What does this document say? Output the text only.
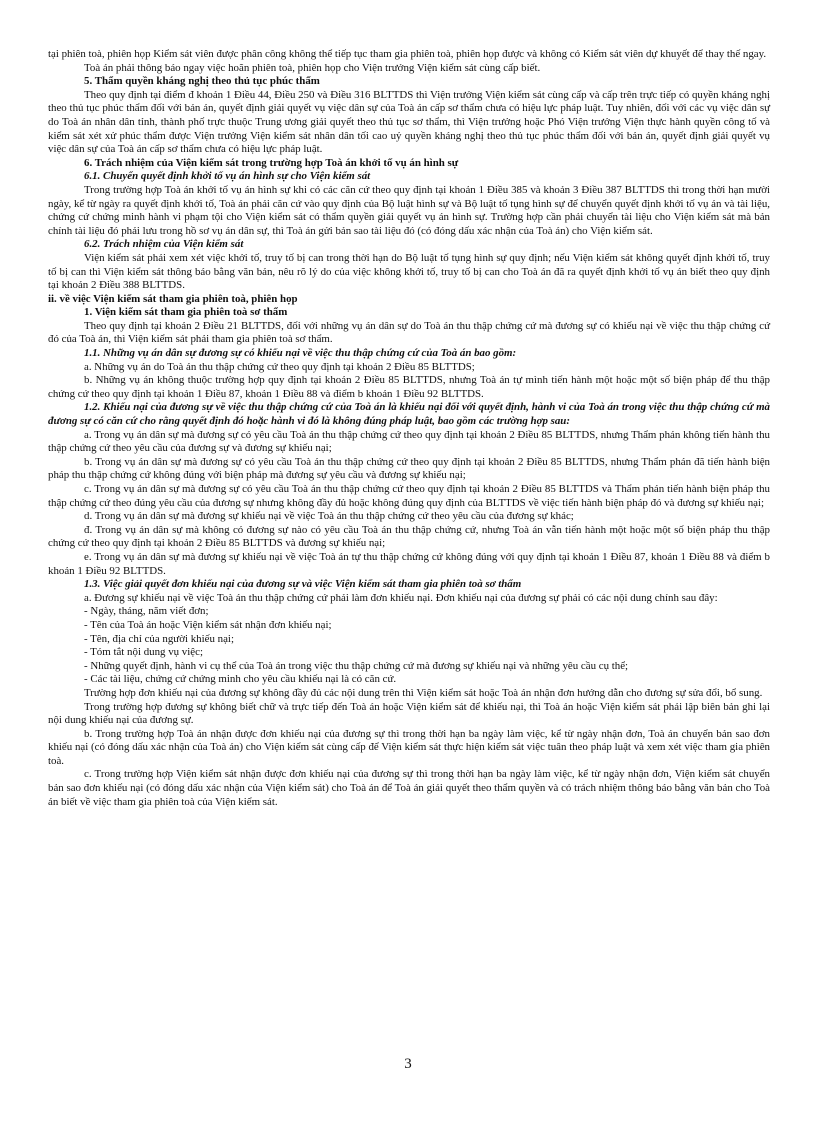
tại phiên toà, phiên họp Kiểm sát viên được phân công không thể tiếp tục tham gia phiên toà, phiên họp được và không có Kiểm sát viên dự khuyết để thay thế ngay.

Toà án phải thông báo ngay việc hoãn phiên toà, phiên họp cho Viện trưởng Viện kiểm sát cùng cấp biết.

5. Thẩm quyền kháng nghị theo thủ tục phúc thẩm

Theo quy định tại điểm đ khoản 1 Điều 44, Điều 250 và Điều 316 BLTTDS thì Viện trưởng Viện kiểm sát cùng cấp và cấp trên trực tiếp có quyền kháng nghị theo thủ tục phúc thẩm đối với bản án, quyết định giải quyết vụ việc dân sự của Toà án cấp sơ thẩm chưa có hiệu lực pháp luật. Tuy nhiên, đối với các vụ việc dân sự do Toà án nhân dân tỉnh, thành phố trực thuộc Trung ương giải quyết theo thủ tục sơ thẩm, thì Viện trưởng hoặc Phó Viện trưởng Viện thực hành quyền công tố và kiểm sát xét xử phúc thẩm được Viện trưởng Viện kiểm sát nhân dân tối cao uỷ quyền kháng nghị theo thủ tục phúc thẩm đối với bản án, quyết định giải quyết vụ việc dân sự của Toà án cấp sơ thẩm chưa có hiệu lực pháp luật.

6. Trách nhiệm của Viện kiểm sát trong trường hợp Toà án khởi tố vụ án hình sự

6.1. Chuyển quyết định khởi tố vụ án hình sự cho Viện kiểm sát

Trong trường hợp Toà án khởi tố vụ án hình sự khi có các căn cứ theo quy định tại khoản 1 Điều 385 và khoản 3 Điều 387 BLTTDS thì trong thời hạn mười ngày, kể từ ngày ra quyết định khởi tố, Toà án phải căn cứ vào quy định của Bộ luật hình sự và Bộ luật tố tụng hình sự để chuyển quyết định khởi tố vụ án và tài liệu, chứng cứ chứng minh hành vi phạm tội cho Viện kiểm sát có thẩm quyền giải quyết vụ án hình sự. Trường hợp cần phải chuyển tài liệu cho Viện kiểm sát mà bản chính tài liệu đó phải lưu trong hồ sơ vụ án dân sự, thì Toà án gửi bản sao tài liệu đó (có đóng dấu xác nhận của Toà án) cho Viện kiểm sát.

6.2. Trách nhiệm của Viện kiểm sát

Viện kiểm sát phải xem xét việc khởi tố, truy tố bị can trong thời hạn do Bộ luật tố tụng hình sự quy định; nếu Viện kiểm sát không quyết định khởi tố, truy tố bị can thì Viện kiểm sát thông báo bằng văn bản, nêu rõ lý do của việc không khởi tố, truy tố bị can cho Toà án đã ra quyết định khởi tố vụ án biết theo quy định tại khoản 2 Điều 388 BLTTDS.

ii. về việc Viện kiểm sát tham gia phiên toà, phiên họp

1. Viện kiểm sát tham gia phiên toà sơ thẩm

Theo quy định tại khoản 2 Điều 21 BLTTDS, đối với những vụ án dân sự do Toà án thu thập chứng cứ mà đương sự có khiếu nại về việc thu thập chứng cứ đó của Toà án, thì Viện kiểm sát phải tham gia phiên toà sơ thẩm.

1.1. Những vụ án dân sự đương sự có khiếu nại về việc thu thập chứng cứ của Toà án bao gồm:

a. Những vụ án do Toà án thu thập chứng cứ theo quy định tại khoản 2 Điều 85 BLTTDS;

b. Những vụ án không thuộc trường hợp quy định tại khoản 2 Điều 85 BLTTDS, nhưng Toà án tự mình tiến hành một hoặc một số biện pháp để thu thập chứng cứ theo quy định tại khoản 1 Điều 87, khoản 1 Điều 88 và điểm b khoản 1 Điều 92 BLTTDS.

1.2. Khiếu nại của đương sự về việc thu thập chứng cứ của Toà án là khiếu nại đối với quyết định, hành vi của Toà án trong việc thu thập chứng cứ mà đương sự có căn cứ cho rằng quyết định đó hoặc hành vi đó là không đúng pháp luật, bao gồm các trường hợp sau:

a. Trong vụ án dân sự mà đương sự có yêu cầu Toà án thu thập chứng cứ theo quy định tại khoản 2 Điều 85 BLTTDS, nhưng Thẩm phán không tiến hành thu thập chứng cứ theo yêu cầu của đương sự và đương sự khiếu nại;

b. Trong vụ án dân sự mà đương sự có yêu cầu Toà án thu thập chứng cứ theo quy định tại khoản 2 Điều 85 BLTTDS, nhưng Thẩm phán đã tiến hành biện pháp thu thập chứng cứ không đúng với biện pháp mà đương sự yêu cầu và đương sự khiếu nại;

c. Trong vụ án dân sự mà đương sự có yêu cầu Toà án thu thập chứng cứ theo quy định tại khoản 2 Điều 85 BLTTDS và Thẩm phán tiến hành biện pháp thu thập chứng cứ theo đúng yêu cầu của đương sự nhưng không đầy đủ hoặc không đúng quy định của BLTTDS về việc tiến hành biện pháp đó và đương sự khiếu nại;

d. Trong vụ án dân sự mà đương sự khiếu nại về việc Toà án thu thập chứng cứ theo yêu cầu của đương sự khác;

đ. Trong vụ án dân sự mà không có đương sự nào có yêu cầu Toà án thu thập chứng cứ, nhưng Toà án vẫn tiến hành một hoặc một số biện pháp thu thập chứng cứ theo quy định tại khoản 2 Điều 85 BLTTDS và đương sự khiếu nại;

e. Trong vụ án dân sự mà đương sự khiếu nại về việc Toà án tự thu thập chứng cứ không đúng với quy định tại khoản 1 Điều 87, khoản 1 Điều 88 và điểm b khoản 1 Điều 92 BLTTDS.

1.3. Việc giải quyết đơn khiếu nại của đương sự và việc Viện kiểm sát tham gia phiên toà sơ thẩm

a. Đương sự khiếu nại về việc Toà án thu thập chứng cứ phải làm đơn khiếu nại. Đơn khiếu nại của đương sự phải có các nội dung chính sau đây:

- Ngày, tháng, năm viết đơn;

- Tên của Toà án hoặc Viện kiểm sát nhận đơn khiếu nại;

- Tên, địa chỉ của người khiếu nại;

- Tóm tắt nội dung vụ việc;

- Những quyết định, hành vi cụ thể của Toà án trong việc thu thập chứng cứ mà đương sự khiếu nại và những yêu cầu cụ thể;

- Các tài liệu, chứng cứ chứng minh cho yêu cầu khiếu nại là có căn cứ.

Trường hợp đơn khiếu nại của đương sự không đầy đủ các nội dung trên thì Viện kiểm sát hoặc Toà án nhận đơn hướng dẫn cho đương sự sửa đổi, bổ sung.

Trong trường hợp đương sự không biết chữ và trực tiếp đến Toà án hoặc Viện kiểm sát để khiếu nại, thì Toà án hoặc Viện kiểm sát phải lập biên bản ghi lại nội dung khiếu nại của đương sự.

b. Trong trường hợp Toà án nhận được đơn khiếu nại của đương sự thì trong thời hạn ba ngày làm việc, kể từ ngày nhận đơn, Toà án chuyển bản sao đơn khiếu nại (có đóng dấu xác nhận của Toà án) cho Viện kiểm sát cùng cấp để Viện kiểm sát thực hiện kiểm sát việc tuân theo pháp luật và xem xét việc tham gia phiên toà.

c. Trong trường hợp Viện kiểm sát nhận được đơn khiếu nại của đương sự thì trong thời hạn ba ngày làm việc, kể từ ngày nhận đơn, Viện kiểm sát chuyển bản sao đơn khiếu nại (có đóng dấu xác nhận của Viện kiểm sát) cho Toà án để Toà án giải quyết theo thẩm quyền và có trách nhiệm thông báo bằng văn bản cho Toà án biết về việc tham gia phiên toà của Viện kiểm sát.

3
